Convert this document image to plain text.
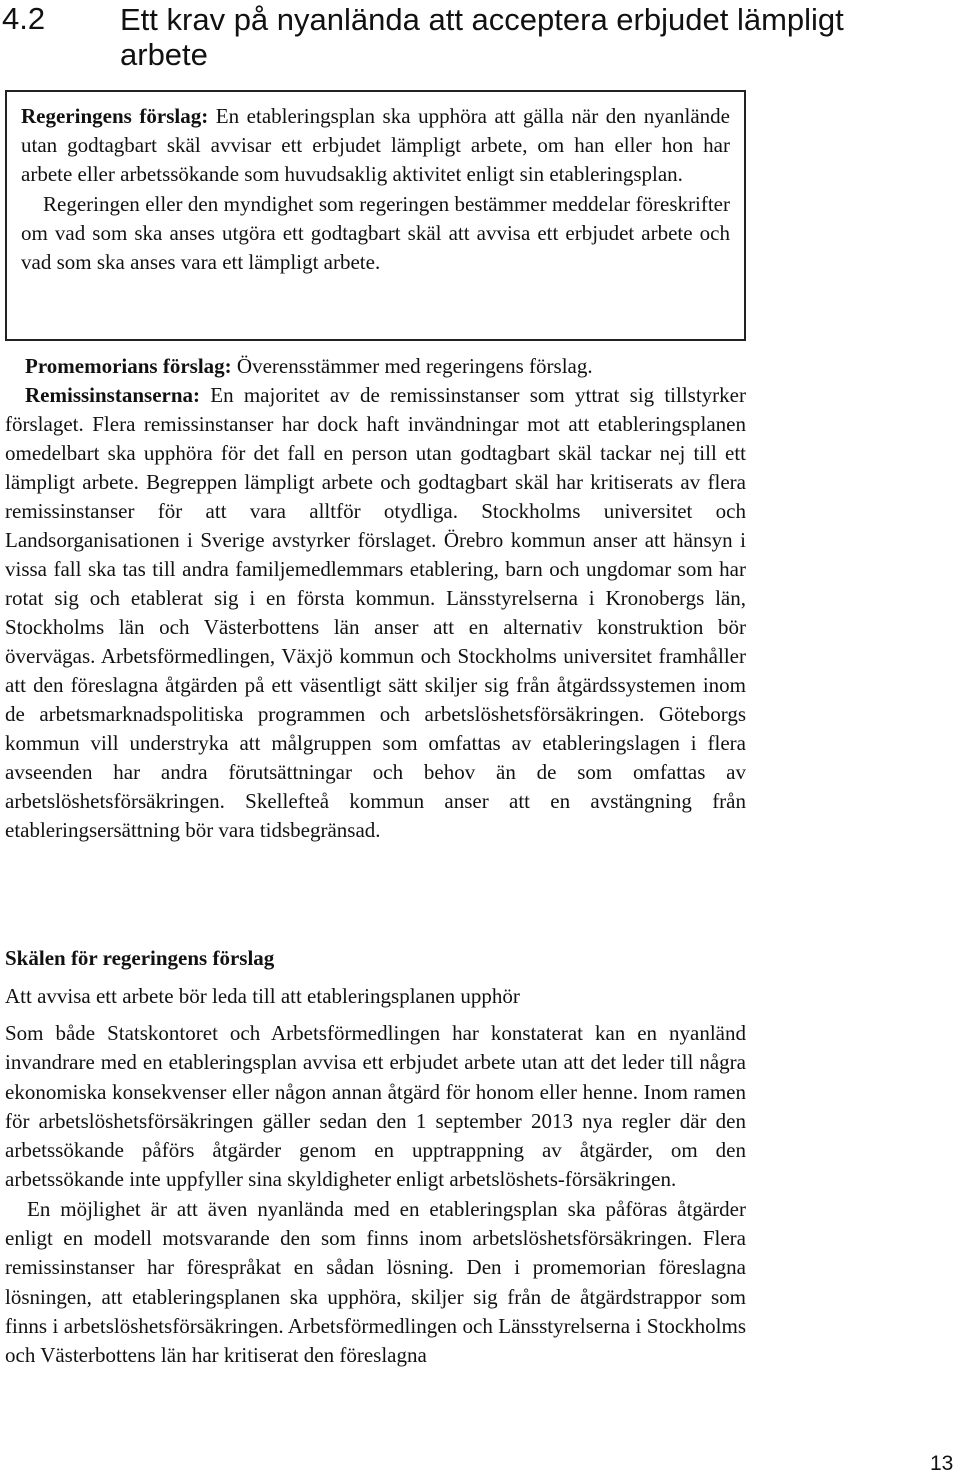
4.2 Ett krav på nyanlända att acceptera erbjudet lämpligt arbete

Regeringens förslag: En etableringsplan ska upphöra att gälla när den nyanlände utan godtagbart skäl avvisar ett erbjudet lämpligt arbete, om han eller hon har arbete eller arbetssökande som huvudsaklig aktivitet enligt sin etableringsplan.

Regeringen eller den myndighet som regeringen bestämmer meddelar föreskrifter om vad som ska anses utgöra ett godtagbart skäl att avvisa ett erbjudet arbete och vad som ska anses vara ett lämpligt arbete.

Promemorians förslag: Överensstämmer med regeringens förslag.

Remissinstanserna: En majoritet av de remissinstanser som yttrat sig tillstyrker förslaget. Flera remissinstanser har dock haft invändningar mot att etableringsplanen omedelbart ska upphöra för det fall en person utan godtagbart skäl tackar nej till ett lämpligt arbete. Begreppen lämpligt arbete och godtagbart skäl har kritiserats av flera remissinstanser för att vara alltför otydliga. Stockholms universitet och Landsorganisationen i Sverige avstyrker förslaget. Örebro kommun anser att hänsyn i vissa fall ska tas till andra familjemedlemmars etablering, barn och ungdomar som har rotat sig och etablerat sig i en första kommun. Länsstyrelserna i Kronobergs län, Stockholms län och Västerbottens län anser att en alternativ konstruktion bör övervägas. Arbetsförmedlingen, Växjö kommun och Stockholms universitet framhåller att den föreslagna åtgärden på ett väsentligt sätt skiljer sig från åtgärdssystemen inom de arbetsmarknadspolitiska programmen och arbetslöshetsförsäkringen. Göteborgs kommun vill understryka att målgruppen som omfattas av etableringslagen i flera avseenden har andra förutsättningar och behov än de som omfattas av arbetslöshetsförsäkringen. Skellefteå kommun anser att en avstängning från etableringsersättning bör vara tidsbegränsad.

Skälen för regeringens förslag
Att avvisa ett arbete bör leda till att etableringsplanen upphör

Som både Statskontoret och Arbetsförmedlingen har konstaterat kan en nyanländ invandrare med en etableringsplan avvisa ett erbjudet arbete utan att det leder till några ekonomiska konsekvenser eller någon annan åtgärd för honom eller henne. Inom ramen för arbetslöshetsförsäkringen gäller sedan den 1 september 2013 nya regler där den arbetssökande påförs åtgärder genom en upptrappning av åtgärder, om den arbetssökande inte uppfyller sina skyldigheter enligt arbetslöshets-försäkringen.

En möjlighet är att även nyanlända med en etableringsplan ska påföras åtgärder enligt en modell motsvarande den som finns inom arbetslöshetsförsäkringen. Flera remissinstanser har förespråkat en sådan lösning. Den i promemorian föreslagna lösningen, att etableringsplanen ska upphöra, skiljer sig från de åtgärdstrappor som finns i arbetslöshetsförsäkringen. Arbetsförmedlingen och Länsstyrelserna i Stockholms och Västerbottens län har kritiserat den föreslagna

13
